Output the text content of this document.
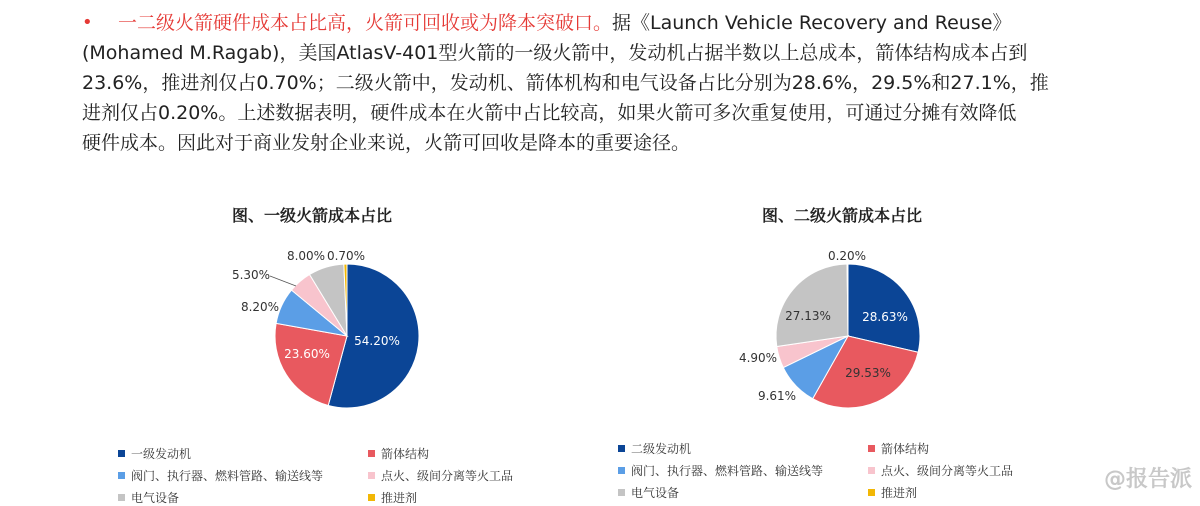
•	一二级火箭硬件成本占比高，火箭可回收或为降本突破口。据《Launch Vehicle Recovery and Reuse》
(Mohamed M.Ragab)，美国AtlasV-401型火箭的一级火箭中，发动机占据半数以上总成本，箭体结构成本占到
23.6%，推进剂仅占0.70%；二级火箭中，发动机、箭体机构和电气设备占比分别为28.6%，29.5%和27.1%，推
进剂仅占0.20%。上述数据表明，硬件成本在火箭中占比较高，如果火箭可多次重复使用，可通过分摊有效降低
硬件成本。因此对于商业发射企业来说，火箭可回收是降本的重要途径。
图、一级火箭成本占比	图、二级火箭成本占比
54.20%
23.60%
8.20%
5.30%
8.00% 0.70%
28.63%
29.53%
9.61%
4.90%
27.13%
0.20%
一级发动机	箭体结构
阀门、执行器、燃料管路、输送线等	点火、级间分离等火工品
电气设备	推进剂
二级发动机	箭体结构
阀门、执行器、燃料管路、输送线等	点火、级间分离等火工品
电气设备	推进剂
@报告派
